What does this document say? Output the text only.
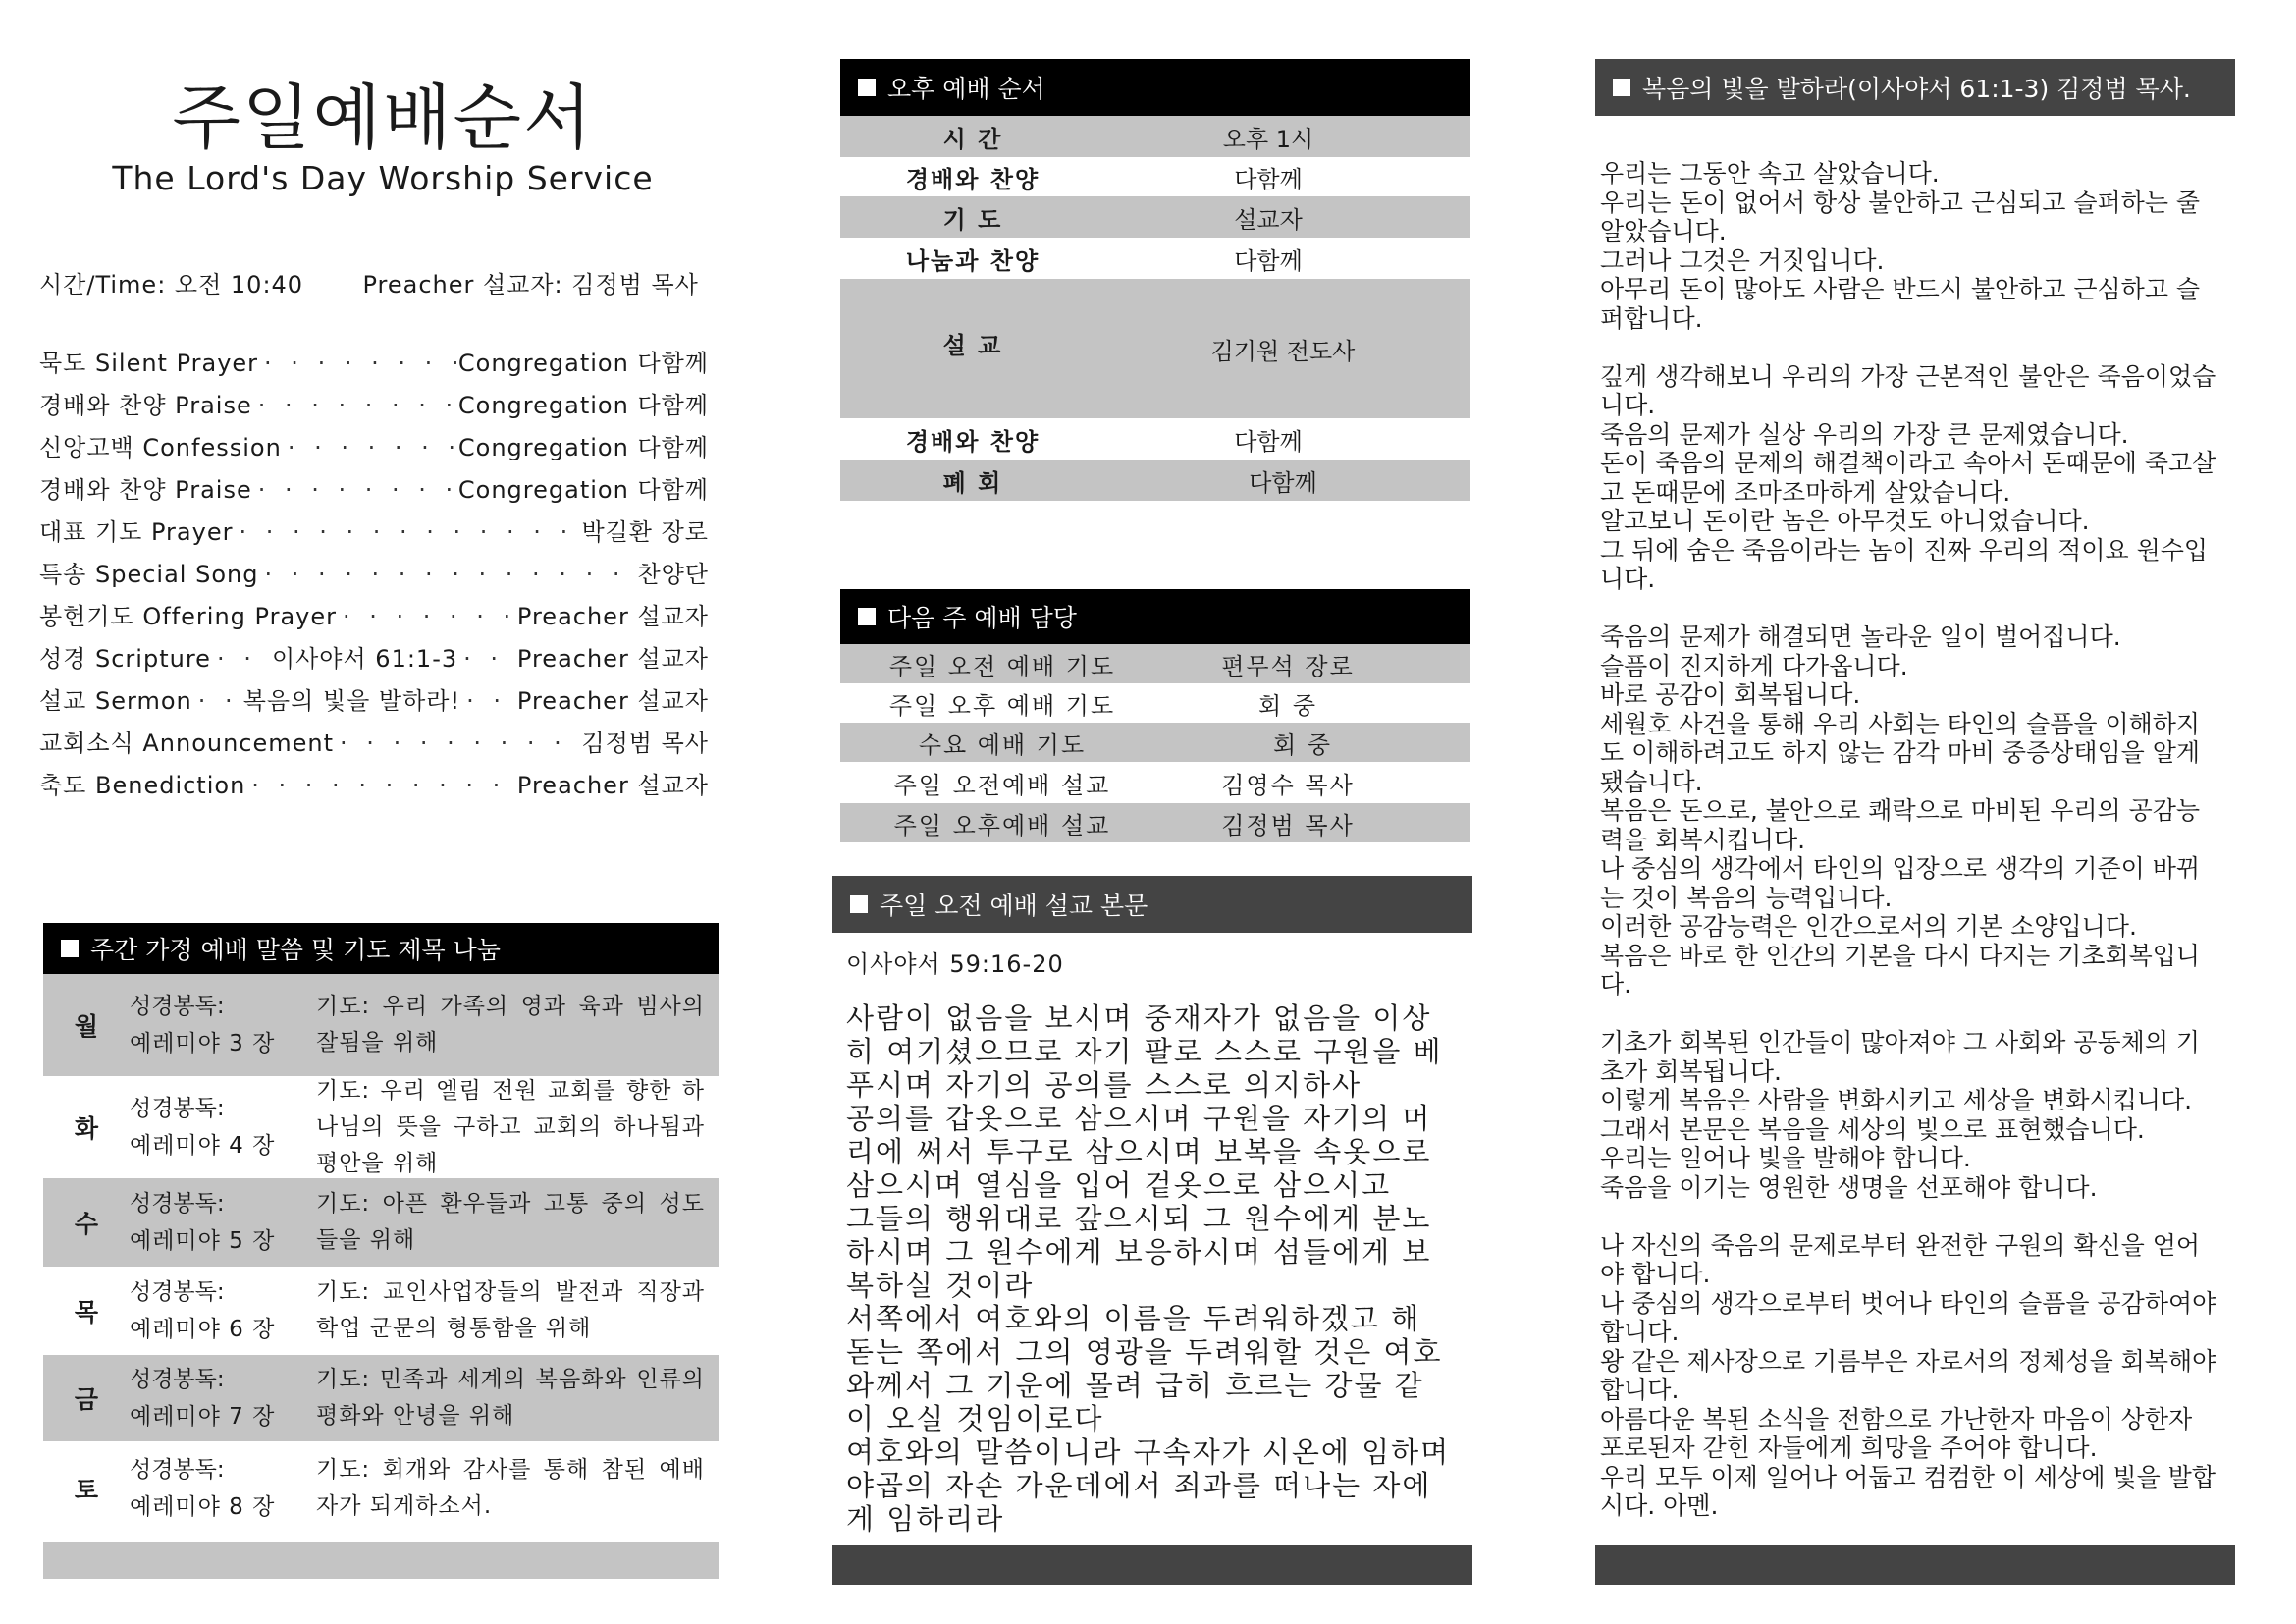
주일예배순서
The Lord's Day Worship Service
시간/Time: 오전 10:40       Preacher 설교자: 김정범 목사
묵도 Silent Prayer · · ·	Congregation 다함께
경배와 찬양 Praise · · ·	Congregation 다함께
신앙고백 Confession · · ·	Congregation 다함께
경배와 찬양 Praise · · ·	Congregation 다함께
대표 기도 Prayer · · ·	박길환 장로
특송 Special Song · · ·	찬양단
봉헌기도 Offering Prayer · · ·	Preacher 설교자
성경 Scripture · · ·	이사야서 61:1-3 · · ·	Preacher 설교자
설교 Sermon · · · 복음의 빛을 발하라! · · · Preacher 설교자
교회소식 Announcement · · ·	김정범 목사
축도 Benediction · · ·	Preacher 설교자
주간 가정 예배 말씀 및 기도 제목 나눔
월
성경봉독:
예레미야 3 장
기도: 우리 가족의 영과 육과 범사의 잘됨을 위해
화
성경봉독:
예레미야 4 장
기도: 우리 엘림 전원 교회를 향한 하나님의 뜻을 구하고 교회의 하나됨과 평안을 위해
수
성경봉독:
예레미야 5 장
기도: 아픈 환우들과 고통 중의 성도들을 위해
목
성경봉독:
예레미야 6 장
기도: 교인사업장들의 발전과 직장과 학업 군문의 형통함을 위해
금
성경봉독:
예레미야 7 장
기도: 민족과 세계의 복음화와 인류의 평화와 안녕을 위해
토
성경봉독:
예레미야 8 장
기도: 회개와 감사를 통해 참된 예배자가 되게하소서.
오후 예배 순서
시 간	오후 1시
경배와 찬양	다함께
기 도	설교자
나눔과 찬양	다함께
설 교	김기원 전도사
경배와 찬양	다함께
폐 회	다함께
다음 주 예배 담당
주일 오전 예배 기도	편무석 장로
주일 오후 예배 기도	회 중
수요 예배 기도	회 중
주일 오전예배 설교	김영수 목사
주일 오후예배 설교	김정범 목사
주일 오전 예배 설교 본문
이사야서 59:16-20
사람이 없음을 보시며 중재자가 없음을 이상
히 여기셨으므로 자기 팔로 스스로 구원을 베
푸시며 자기의 공의를 스스로 의지하사
공의를 갑옷으로 삼으시며 구원을 자기의 머
리에 써서 투구로 삼으시며 보복을 속옷으로
삼으시며 열심을 입어 겉옷으로 삼으시고
그들의 행위대로 갚으시되 그 원수에게 분노
하시며 그 원수에게 보응하시며 섬들에게 보
복하실 것이라
서쪽에서 여호와의 이름을 두려워하겠고 해
돋는 쪽에서 그의 영광을 두려워할 것은 여호
와께서 그 기운에 몰려 급히 흐르는 강물 같
이 오실 것임이로다
여호와의 말씀이니라 구속자가 시온에 임하며
야곱의 자손 가운데에서 죄과를 떠나는 자에
게 임하리라
복음의 빛을 발하라(이사야서 61:1-3) 김정범 목사.

우리는 그동안 속고 살았습니다.
우리는 돈이 없어서 항상 불안하고 근심되고 슬퍼하는 줄
알았습니다.
그러나 그것은 거짓입니다.
아무리 돈이 많아도 사람은 반드시 불안하고 근심하고 슬
퍼합니다.

깊게 생각해보니 우리의 가장 근본적인 불안은 죽음이었습
니다.
죽음의 문제가 실상 우리의 가장 큰 문제였습니다.
돈이 죽음의 문제의 해결책이라고 속아서 돈때문에 죽고살
고 돈때문에 조마조마하게 살았습니다.
알고보니 돈이란 놈은 아무것도 아니었습니다.
그 뒤에 숨은 죽음이라는 놈이 진짜 우리의 적이요 원수입
니다.

죽음의 문제가 해결되면 놀라운 일이 벌어집니다.
슬픔이 진지하게 다가옵니다.
바로 공감이 회복됩니다.
세월호 사건을 통해 우리 사회는 타인의 슬픔을 이해하지
도 이해하려고도 하지 않는 감각 마비 중증상태임을 알게
됐습니다.
복음은 돈으로, 불안으로 쾌락으로 마비된 우리의 공감능
력을 회복시킵니다.
나 중심의 생각에서 타인의 입장으로 생각의 기준이 바뀌
는 것이 복음의 능력입니다.
이러한 공감능력은 인간으로서의 기본 소양입니다.
복음은 바로 한 인간의 기본을 다시 다지는 기초회복입니
다.

기초가 회복된 인간들이 많아져야 그 사회와 공동체의 기
초가 회복됩니다.
이렇게 복음은 사람을 변화시키고 세상을 변화시킵니다.
그래서 본문은 복음을 세상의 빛으로 표현했습니다.
우리는 일어나 빛을 발해야 합니다.
죽음을 이기는 영원한 생명을 선포해야 합니다.

나 자신의 죽음의 문제로부터 완전한 구원의 확신을 얻어
야 합니다.
나 중심의 생각으로부터 벗어나 타인의 슬픔을 공감하여야
합니다.
왕 같은 제사장으로 기름부은 자로서의 정체성을 회복해야
합니다.
아름다운 복된 소식을 전함으로 가난한자 마음이 상한자
포로된자 갇힌 자들에게 희망을 주어야 합니다.
우리 모두 이제 일어나 어둡고 컴컴한 이 세상에 빛을 발합
시다. 아멘.
